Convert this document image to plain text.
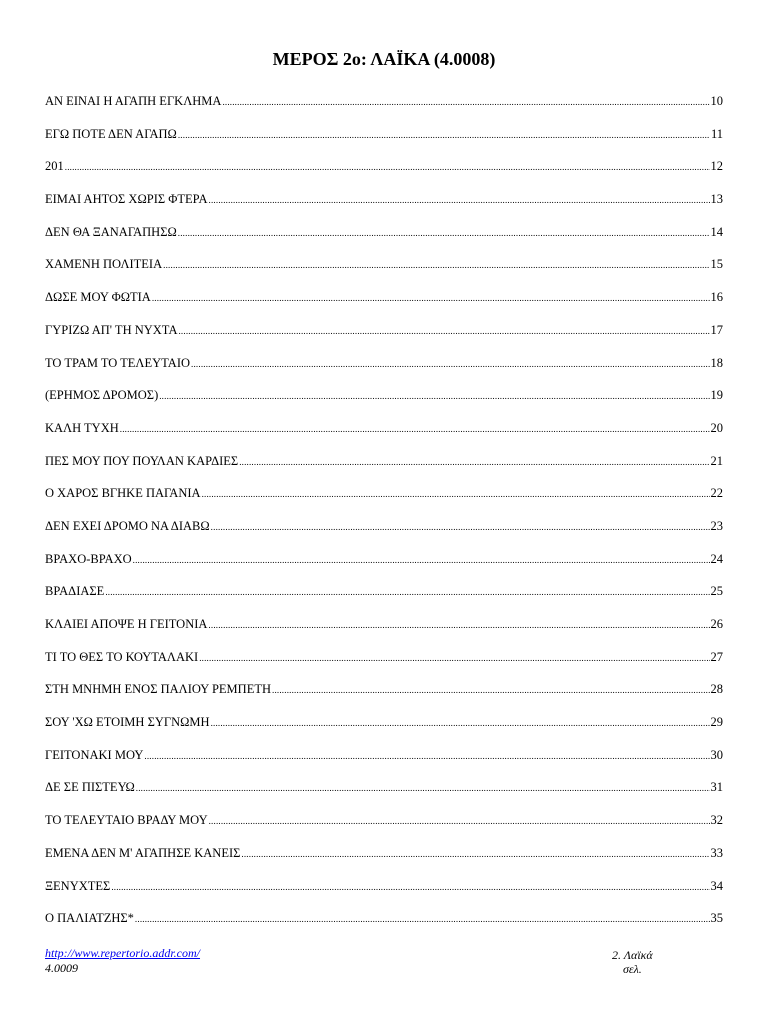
ΜΕΡΟΣ 2ο: ΛΑΪΚΑ (4.0008)
ΑΝ ΕΙΝΑΙ Η ΑΓΑΠΗ ΕΓΚΛΗΜΑ .....	10
ΕΓΩ ΠΟΤΕ ΔΕΝ ΑΓΑΠΩ .....	11
201 .....	12
ΕΙΜΑΙ ΑΗΤΟΣ ΧΩΡΙΣ ΦΤΕΡΑ .....	13
ΔΕΝ ΘΑ ΞΑΝΑΓΑΠΗΣΩ .....	14
ΧΑΜΕΝΗ ΠΟΛΙΤΕΙΑ .....	15
ΔΩΣΕ ΜΟΥ ΦΩΤΙΑ .....	16
ΓΥΡΙΖΩ ΑΠ' ΤΗ ΝΥΧΤΑ .....	17
ΤΟ ΤΡΑΜ ΤΟ ΤΕΛΕΥΤΑΙΟ .....	18
(ΕΡΗΜΟΣ ΔΡΟΜΟΣ) .....	19
ΚΑΛΗ ΤΥΧΗ .....	20
ΠΕΣ ΜΟΥ ΠΟΥ ΠΟΥΛΑΝ ΚΑΡΔΙΕΣ .....	21
Ο ΧΑΡΟΣ ΒΓΗΚΕ ΠΑΓΑΝΙΑ .....	22
ΔΕΝ ΕΧΕΙ ΔΡΟΜΟ ΝΑ ΔΙΑΒΩ .....	23
ΒΡΑΧΟ-ΒΡΑΧΟ .....	24
ΒΡΑΔΙΑΣΕ .....	25
ΚΛΑΙΕΙ ΑΠΟΨΕ Η ΓΕΙΤΟΝΙΑ .....	26
ΤΙ ΤΟ ΘΕΣ ΤΟ ΚΟΥΤΑΛΑΚΙ .....	27
ΣΤΗ ΜΝΗΜΗ ΕΝΟΣ ΠΑΛΙΟΥ ΡΕΜΠΕΤΗ .....	28
ΣΟΥ 'ΧΩ ΕΤΟΙΜΗ ΣΥΓΝΩΜΗ .....	29
ΓΕΙΤΟΝΑΚΙ ΜΟΥ .....	30
ΔΕ ΣΕ ΠΙΣΤΕΥΩ .....	31
ΤΟ ΤΕΛΕΥΤΑΙΟ ΒΡΑΔΥ ΜΟΥ .....	32
ΕΜΕΝΑ ΔΕΝ Μ' ΑΓΑΠΗΣΕ ΚΑΝΕΙΣ .....	33
ΞΕΝΥΧΤΕΣ .....	34
Ο ΠΑΛΙΑΤΖΗΣ* .....	35
http://www.repertorio.addr.com/
4.0009
2. Λαϊκά
σελ.
